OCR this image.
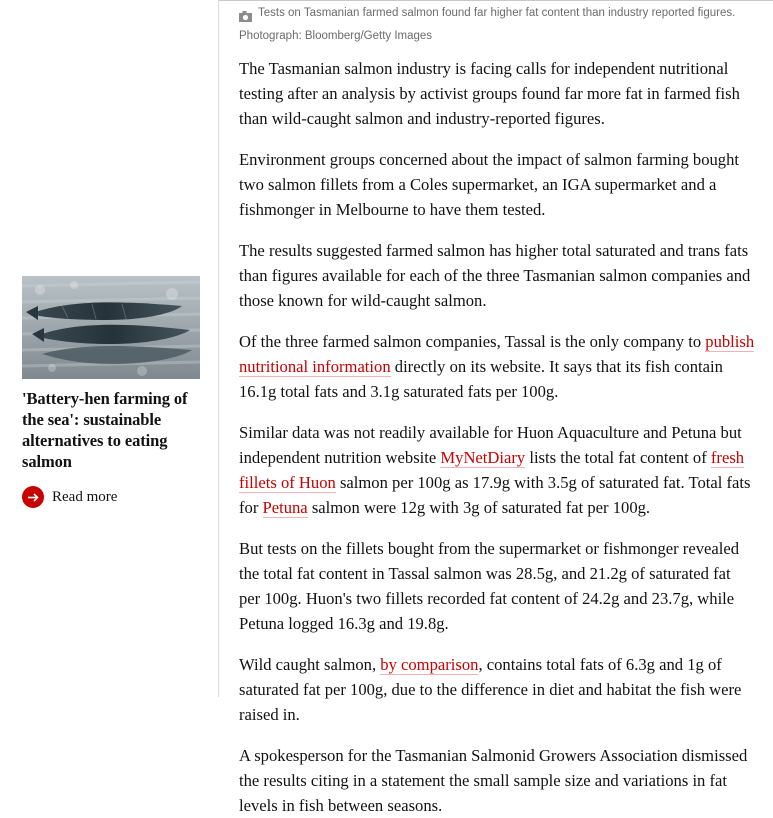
'Battery-hen farming of the sea': sustainable alternatives to eating salmon
Read more
Tests on Tasmanian farmed salmon found far higher fat content than industry reported figures.
Photograph: Bloomberg/Getty Images

The Tasmanian salmon industry is facing calls for independent nutritional testing after an analysis by activist groups found far more fat in farmed fish than wild-caught salmon and industry-reported figures.

Environment groups concerned about the impact of salmon farming bought two salmon fillets from a Coles supermarket, an IGA supermarket and a fishmonger in Melbourne to have them tested.

The results suggested farmed salmon has higher total saturated and trans fats than figures available for each of the three Tasmanian salmon companies and those known for wild-caught salmon.

Of the three farmed salmon companies, Tassal is the only company to publish nutritional information directly on its website. It says that its fish contain 16.1g total fats and 3.1g saturated fats per 100g.

Similar data was not readily available for Huon Aquaculture and Petuna but independent nutrition website MyNetDiary lists the total fat content of fresh fillets of Huon salmon per 100g as 17.9g with 3.5g of saturated fat. Total fats for Petuna salmon were 12g with 3g of saturated fat per 100g.

But tests on the fillets bought from the supermarket or fishmonger revealed the total fat content in Tassal salmon was 28.5g, and 21.2g of saturated fat per 100g. Huon's two fillets recorded fat content of 24.2g and 23.7g, while Petuna logged 16.3g and 19.8g.

Wild caught salmon, by comparison, contains total fats of 6.3g and 1g of saturated fat per 100g, due to the difference in diet and habitat the fish were raised in.

A spokesperson for the Tasmanian Salmonid Growers Association dismissed the results citing in a statement the small sample size and variations in fat levels in fish between seasons.
